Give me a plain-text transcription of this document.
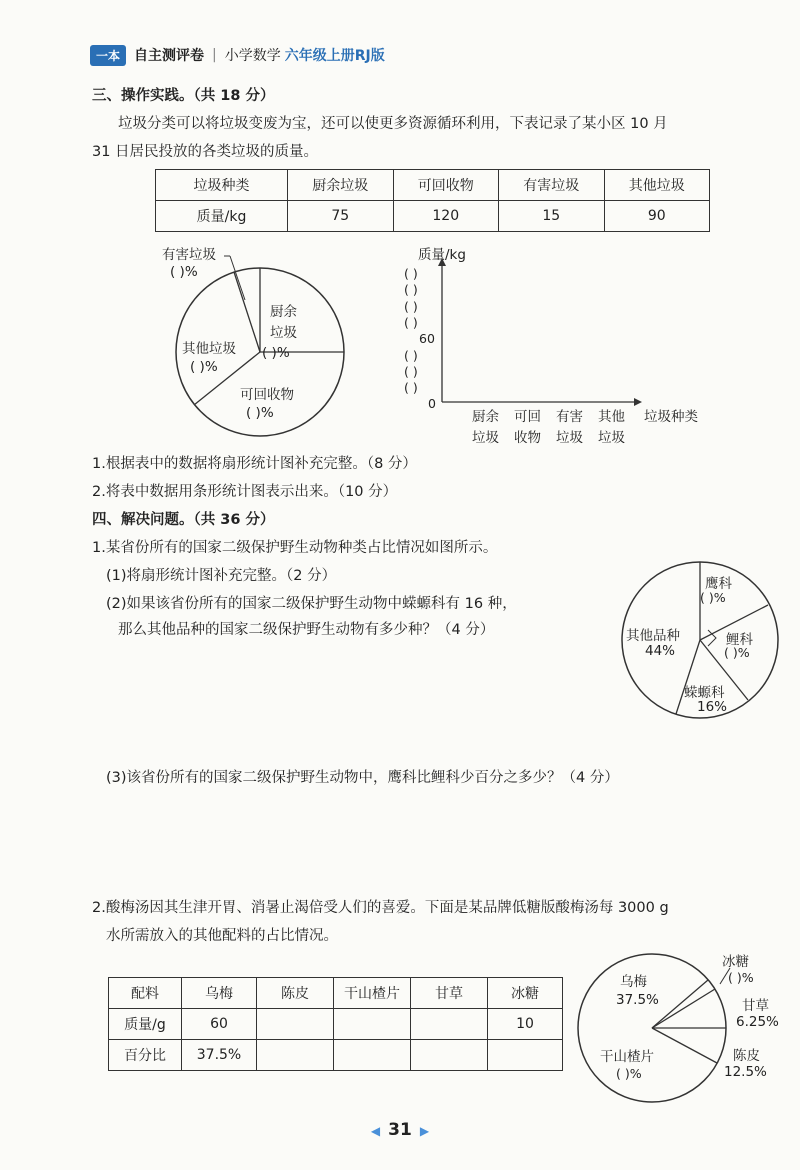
一本	自主测评卷 | 小学数学 六年级上册RJ版
三、操作实践。（共 18 分）
垃圾分类可以将垃圾变废为宝，还可以使更多资源循环利用，下表记录了某小区 10 月
31 日居民投放的各类垃圾的质量。
垃圾种类	厨余垃圾	可回收物	有害垃圾	其他垃圾
质量/kg	75	120	15	90
有害垃圾
( )%
厨余
垃圾
( )%
其他垃圾
( )%
可回收物
( )%
质量/kg
( )
( )
( )
( )
60
( )
( )
( )
0
厨余
垃圾
可回
收物
有害
垃圾
其他
垃圾
垃圾种类
1.根据表中的数据将扇形统计图补充完整。（8 分）
2.将表中数据用条形统计图表示出来。（10 分）
四、解决问题。（共 36 分）
1.某省份所有的国家二级保护野生动物种类占比情况如图所示。
(1)将扇形统计图补充完整。（2 分）
(2)如果该省份所有的国家二级保护野生动物中蝾螈科有 16 种，
那么其他品种的国家二级保护野生动物有多少种？（4 分）
鹰科
( )%
鲤科
( )%
其他品种
44%
蝾螈科
16%
(3)该省份所有的国家二级保护野生动物中，鹰科比鲤科少百分之多少？（4 分）
2.酸梅汤因其生津开胃、消暑止渴倍受人们的喜爱。下面是某品牌低糖版酸梅汤每 3000 g
水所需放入的其他配料的占比情况。
配料	乌梅	陈皮	干山楂片	甘草	冰糖
质量/g	60				10
百分比	37.5%				
乌梅
37.5%
冰糖
( )%
甘草
6.25%
陈皮
12.5%
干山楂片
( )%
◀ 31 ▶
